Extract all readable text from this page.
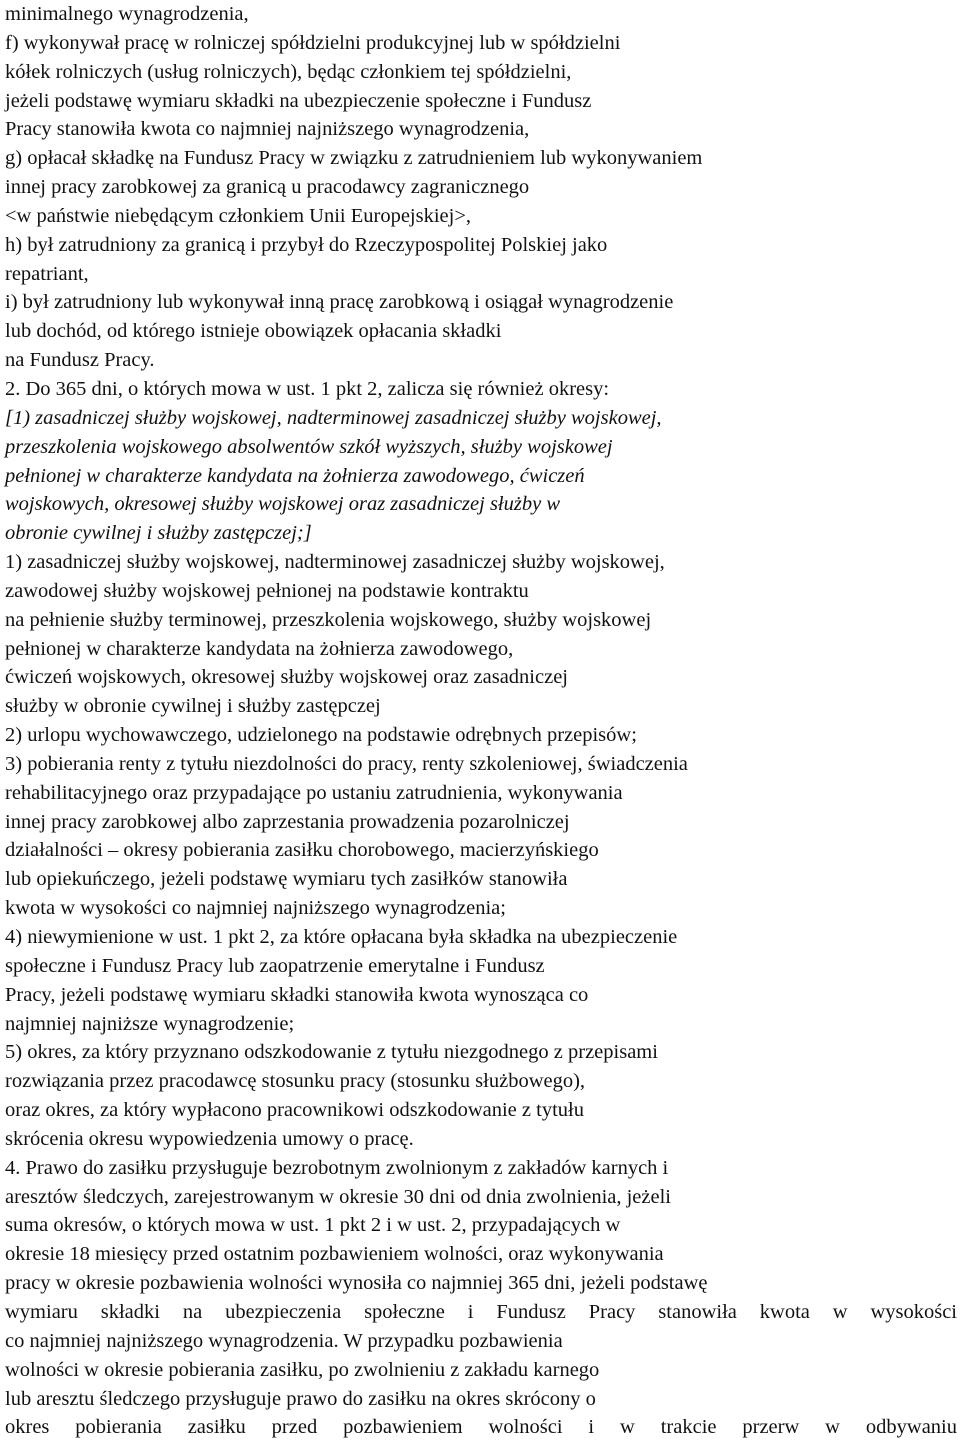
minimalnego wynagrodzenia,
f) wykonywał pracę w rolniczej spółdzielni produkcyjnej lub w spółdzielni
kółek rolniczych (usług rolniczych), będąc członkiem tej spółdzielni,
jeżeli podstawę wymiaru składki na ubezpieczenie społeczne i Fundusz
Pracy stanowiła kwota co najmniej najniższego wynagrodzenia,
g) opłacał składkę na Fundusz Pracy w związku z zatrudnieniem lub wykonywaniem
innej pracy zarobkowej za granicą u pracodawcy zagranicznego
<w państwie niebędącym członkiem Unii Europejskiej>,
h) był zatrudniony za granicą i przybył do Rzeczypospolitej Polskiej jako
repatriant,
i) był zatrudniony lub wykonywał inną pracę zarobkową i osiągał wynagrodzenie
lub dochód, od którego istnieje obowiązek opłacania składki
na Fundusz Pracy.
2. Do 365 dni, o których mowa w ust. 1 pkt 2, zalicza się również okresy:
[1) zasadniczej służby wojskowej, nadterminowej zasadniczej służby wojskowej,
przeszkolenia wojskowego absolwentów szkół wyższych, służby wojskowej
pełnionej w charakterze kandydata na żołnierza zawodowego, ćwiczeń
wojskowych, okresowej służby wojskowej oraz zasadniczej służby w
obronie cywilnej i służby zastępczej;]
1) zasadniczej służby wojskowej, nadterminowej zasadniczej służby wojskowej,
zawodowej służby wojskowej pełnionej na podstawie kontraktu
na pełnienie służby terminowej, przeszkolenia wojskowego, służby wojskowej
pełnionej w charakterze kandydata na żołnierza zawodowego,
ćwiczeń wojskowych, okresowej służby wojskowej oraz zasadniczej
służby w obronie cywilnej i służby zastępczej
2) urlopu wychowawczego, udzielonego na podstawie odrębnych przepisów;
3) pobierania renty z tytułu niezdolności do pracy, renty szkoleniowej, świadczenia
rehabilitacyjnego oraz przypadające po ustaniu zatrudnienia, wykonywania
innej pracy zarobkowej albo zaprzestania prowadzenia pozarolniczej
działalności – okresy pobierania zasiłku chorobowego, macierzyńskiego
lub opiekuńczego, jeżeli podstawę wymiaru tych zasiłków stanowiła
kwota w wysokości co najmniej najniższego wynagrodzenia;
4) niewymienione w ust. 1 pkt 2, za które opłacana była składka na ubezpieczenie
społeczne i Fundusz Pracy lub zaopatrzenie emerytalne i Fundusz
Pracy, jeżeli podstawę wymiaru składki stanowiła kwota wynosząca co
najmniej najniższe wynagrodzenie;
5) okres, za który przyznano odszkodowanie z tytułu niezgodnego z przepisami
rozwiązania przez pracodawcę stosunku pracy (stosunku służbowego),
oraz okres, za który wypłacono pracownikowi odszkodowanie z tytułu
skrócenia okresu wypowiedzenia umowy o pracę.
4. Prawo do zasiłku przysługuje bezrobotnym zwolnionym z zakładów karnych i
aresztów śledczych, zarejestrowanym w okresie 30 dni od dnia zwolnienia, jeżeli
suma okresów, o których mowa w ust. 1 pkt 2 i w ust. 2, przypadających w
okresie 18 miesięcy przed ostatnim pozbawieniem wolności, oraz wykonywania
pracy w okresie pozbawienia wolności wynosiła co najmniej 365 dni, jeżeli podstawę
wymiaru składki na ubezpieczenia społeczne i Fundusz Pracy stanowiła kwota w wysokości
co najmniej najniższego wynagrodzenia. W przypadku pozbawienia
wolności w okresie pobierania zasiłku, po zwolnieniu z zakładu karnego
lub aresztu śledczego przysługuje prawo do zasiłku na okres skrócony o
okres pobierania zasiłku przed pozbawieniem wolności i w trakcie przerw w odbywaniu
